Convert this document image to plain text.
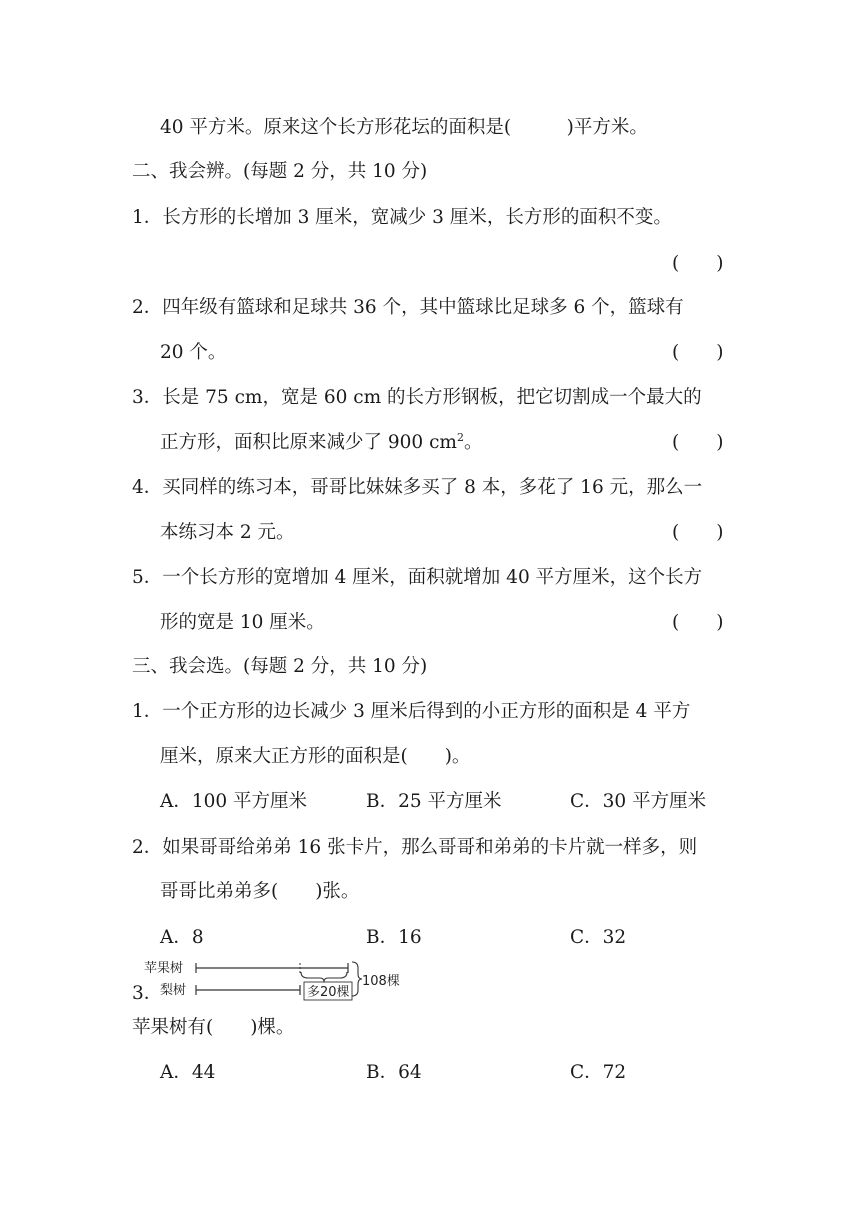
40 平方米。原来这个长方形花坛的面积是(　　　)平方米。
二、我会辨。(每题 2 分，共 10 分)
1．长方形的长增加 3 厘米，宽减少 3 厘米，长方形的面积不变。
(　　)
2．四年级有篮球和足球共 36 个，其中篮球比足球多 6 个，篮球有
20 个。	(　　)
3．长是 75 cm，宽是 60 cm 的长方形钢板，把它切割成一个最大的
正方形，面积比原来减少了 900 $cm^2$。	(　　)
4．买同样的练习本，哥哥比妹妹多买了 8 本，多花了 16 元，那么一
本练习本 2 元。	(　　)
5．一个长方形的宽增加 4 厘米，面积就增加 40 平方厘米，这个长方
形的宽是 10 厘米。	(　　)
三、我会选。(每题 2 分，共 10 分)
1．一个正方形的边长减少 3 厘米后得到的小正方形的面积是 4 平方
厘米，原来大正方形的面积是(　　)。
A．100 平方厘米	B．25 平方厘米	C．30 平方厘米
2．如果哥哥给弟弟 16 张卡片，那么哥哥和弟弟的卡片就一样多，则
哥哥比弟弟多(　　)张。
A．8	B．16	C．32
3．
苹果树
梨树	多20棵
108棵
苹果树有(　　)棵。
A．44	B．64	C．72
